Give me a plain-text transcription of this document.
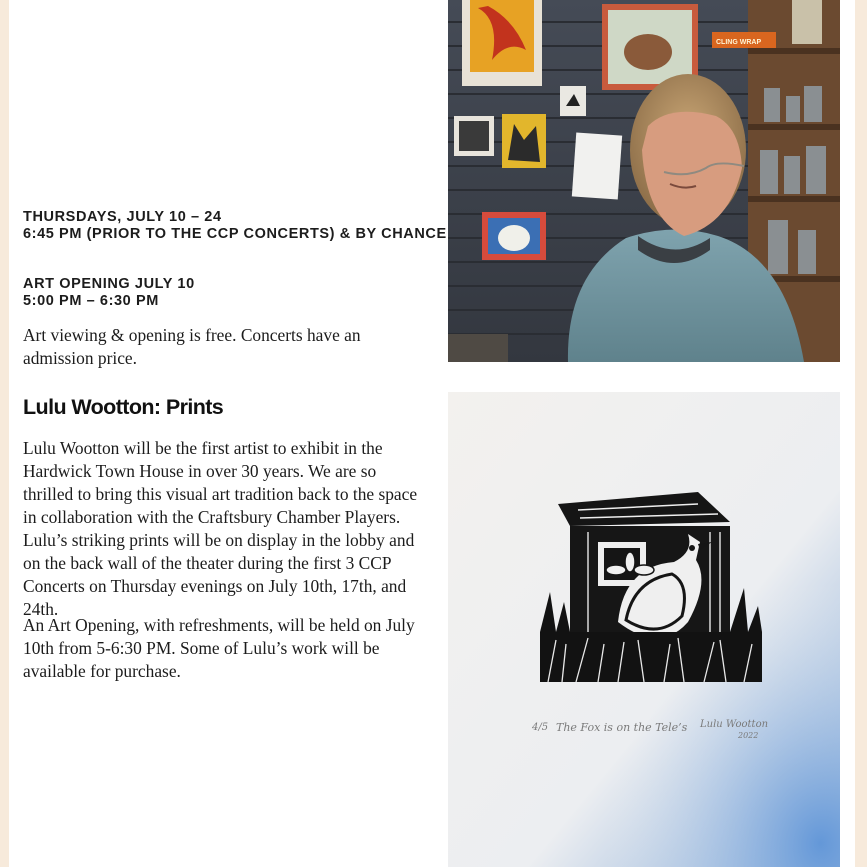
THURSDAYS, JULY 10 – 24
6:45 PM (PRIOR TO THE CCP CONCERTS) & BY CHANCE
ART OPENING JULY 10
5:00 PM – 6:30 PM

Art viewing & opening is free. Concerts have an admission price.

Lulu Wootton: Prints

Lulu Wootton will be the first artist to exhibit in the Hardwick Town House in over 30 years. We are so thrilled to bring this visual art tradition back to the space in collaboration with the Craftsbury Chamber Players. Lulu’s striking prints will be on display in the lobby and on the back wall of the theater during the first 3 CCP Concerts on Thursday evenings on July 10th, 17th, and 24th.

An Art Opening, with refreshments, will be held on July 10th from 5-6:30 PM. Some of Lulu’s work will be available for purchase.

CLING WRAP
4/5 The Fox is on the Tele’s Lulu Wootton
2022
